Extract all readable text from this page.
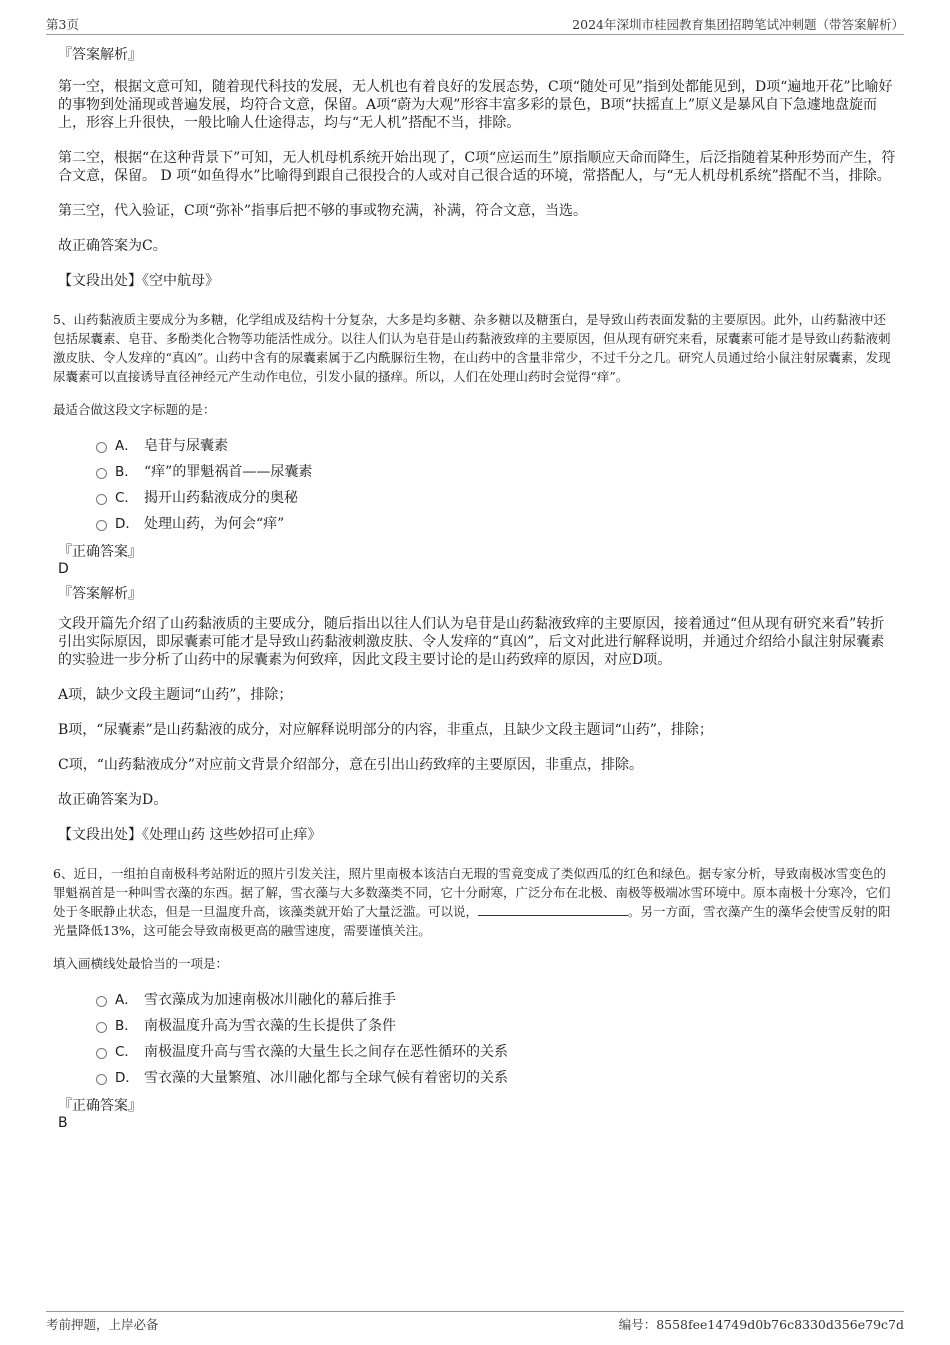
第3页	2024年深圳市桂园教育集团招聘笔试冲刺题（带答案解析）

『答案解析』

第一空，根据文意可知，随着现代科技的发展，无人机也有着良好的发展态势，C项“随处可见”指到处都能见到，D项“遍地开花”比喻好的事物到处涌现或普遍发展，均符合文意，保留。A项“蔚为大观”形容丰富多彩的景色，B项“扶摇直上”原义是暴风自下急遽地盘旋而上，形容上升很快，一般比喻人仕途得志，均与“无人机”搭配不当，排除。

第二空，根据“在这种背景下”可知，无人机母机系统开始出现了，C项“应运而生”原指顺应天命而降生，后泛指随着某种形势而产生，符合文意，保留。 D 项“如鱼得水”比喻得到跟自己很投合的人或对自己很合适的环境，常搭配人，与“无人机母机系统”搭配不当，排除。

第三空，代入验证，C项“弥补”指事后把不够的事或物充满，补满，符合文意，当选。

故正确答案为C。

【文段出处】《空中航母》

5、山药黏液质主要成分为多糖，化学组成及结构十分复杂，大多是均多糖、杂多糖以及糖蛋白，是导致山药表面发黏的主要原因。此外，山药黏液中还包括尿囊素、皂苷、多酚类化合物等功能活性成分。以往人们认为皂苷是山药黏液致痒的主要原因，但从现有研究来看，尿囊素可能才是导致山药黏液刺激皮肤、令人发痒的“真凶”。山药中含有的尿囊素属于乙内酰脲衍生物，在山药中的含量非常少，不过千分之几。研究人员通过给小鼠注射尿囊素，发现尿囊素可以直接诱导直径神经元产生动作电位，引发小鼠的搔痒。所以，人们在处理山药时会觉得“痒”。

最适合做这段文字标题的是：

A． 皂苷与尿囊素
B． “痒”的罪魁祸首——尿囊素
C． 揭开山药黏液成分的奥秘
D． 处理山药，为何会“痒”

『正确答案』

D

『答案解析』

文段开篇先介绍了山药黏液质的主要成分，随后指出以往人们认为皂苷是山药黏液致痒的主要原因，接着通过“但从现有研究来看”转折引出实际原因，即尿囊素可能才是导致山药黏液刺激皮肤、令人发痒的“真凶”，后文对此进行解释说明，并通过介绍给小鼠注射尿囊素的实验进一步分析了山药中的尿囊素为何致痒，因此文段主要讨论的是山药致痒的原因，对应D项。

A项，缺少文段主题词“山药”，排除；

B项，“尿囊素”是山药黏液的成分，对应解释说明部分的内容，非重点，且缺少文段主题词“山药”，排除；

C项，“山药黏液成分”对应前文背景介绍部分，意在引出山药致痒的主要原因，非重点，排除。

故正确答案为D。

【文段出处】《处理山药 这些妙招可止痒》

6、近日，一组拍自南极科考站附近的照片引发关注，照片里南极本该洁白无瑕的雪竟变成了类似西瓜的红色和绿色。据专家分析，导致南极冰雪变色的罪魁祸首是一种叫雪衣藻的东西。据了解，雪衣藻与大多数藻类不同，它十分耐寒，广泛分布在北极、南极等极端冰雪环境中。原本南极十分寒冷，它们处于冬眠静止状态，但是一旦温度升高，该藻类就开始了大量泛滥。可以说，	。另一方面，雪衣藻产生的藻华会使雪反射的阳光量降低13%，这可能会导致南极更高的融雪速度，需要谨慎关注。

填入画横线处最恰当的一项是：

A． 雪衣藻成为加速南极冰川融化的幕后推手
B． 南极温度升高为雪衣藻的生长提供了条件
C． 南极温度升高与雪衣藻的大量生长之间存在恶性循环的关系
D． 雪衣藻的大量繁殖、冰川融化都与全球气候有着密切的关系

『正确答案』

B

考前押题，上岸必备	编号：8558fee14749d0b76c8330d356e79c7d
